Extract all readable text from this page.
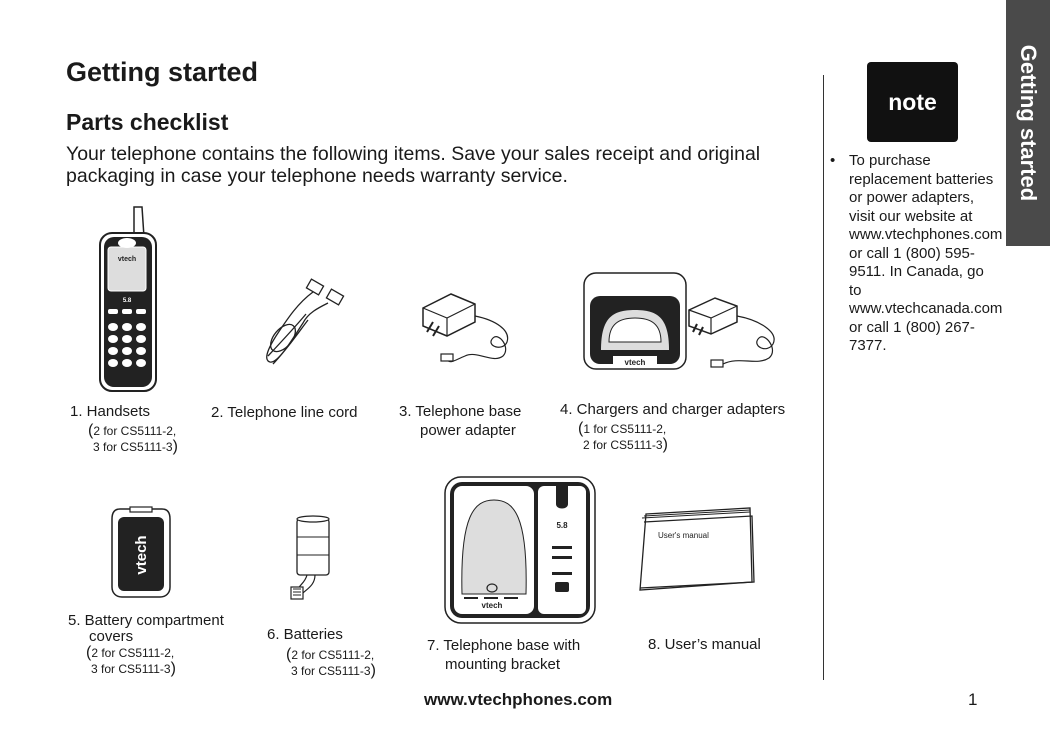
Getting started
Parts checklist
Your telephone contains the following items. Save your sales receipt and original packaging in case your telephone needs warranty service.
vtech
5.8
vtech
vtech
vtech
5.8
User's manual
1. Handsets
(2 for CS5111-2,
3 for CS5111-3)
2. Telephone line cord	3. Telephone base
power adapter
4. Chargers and charger adapters
(1 for CS5111-2,
2 for CS5111-3)
5. Battery compartment
covers
(2 for CS5111-2,
3 for CS5111-3)
6. Batteries
(2 for CS5111-2,
3 for CS5111-3)
7. Telephone base with
mounting bracket
8. User’s manual
note
• To purchase replacement batteries or power adapters, visit our website at www.vtechphones.com or call 1 (800) 595-9511. In Canada, go to www.vtechcanada.com or call 1 (800) 267-7377.
Getting started
www.vtechphones.com	1
